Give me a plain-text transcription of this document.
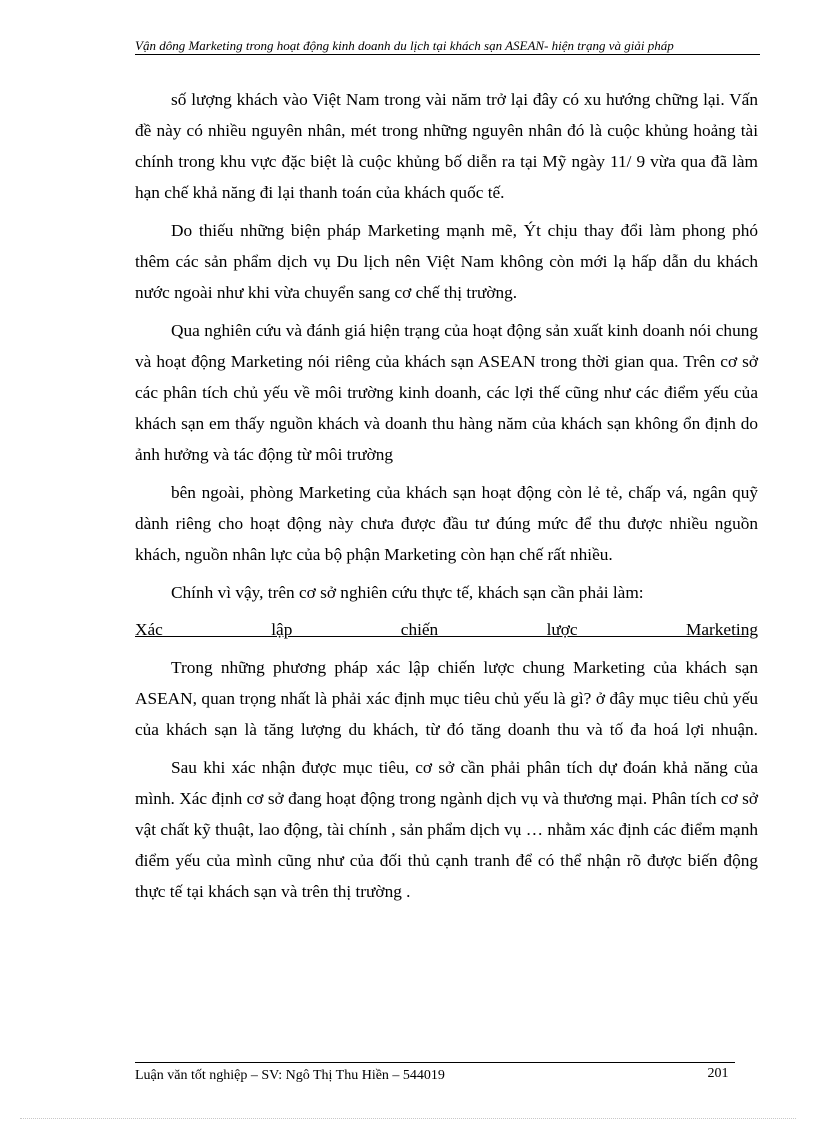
Vận dông Marketing trong hoạt động kinh doanh du lịch tại khách sạn ASEAN- hiện trạng và giải pháp

số lượng khách vào Việt Nam trong vài năm trở lại đây có xu hướng chững lại. Vấn đề này có nhiều nguyên nhân, mét trong những nguyên nhân đó là cuộc khủng hoảng tài chính trong khu vực đặc biệt là cuộc khủng bố diễn ra tại Mỹ ngày 11/ 9 vừa qua đã làm hạn chế khả năng đi lại thanh toán của khách quốc tế.

Do thiếu những biện pháp Marketing mạnh mẽ, Ýt chịu thay đổi làm phong phó thêm các sản phẩm dịch vụ Du lịch nên Việt Nam không còn mới lạ hấp dẫn du khách nước ngoài như khi vừa chuyển sang cơ chế thị trường.

Qua nghiên cứu và đánh giá hiện trạng của hoạt động sản xuất kinh doanh nói chung và hoạt động Marketing nói riêng của khách sạn ASEAN trong thời gian qua. Trên cơ sở các phân tích chủ yếu về môi trường kinh doanh, các lợi thế cũng như các điểm yếu của khách sạn em thấy nguồn khách và doanh thu hàng năm của khách sạn không ổn định do ảnh hưởng và tác động từ môi trường

bên ngoài, phòng Marketing của khách sạn hoạt động còn lẻ tẻ, chấp vá, ngân quỹ dành riêng cho hoạt động này chưa được đầu tư đúng mức để thu được nhiều nguồn khách, nguồn nhân lực của bộ phận Marketing còn hạn chế rất nhiều.

Chính vì vậy, trên cơ sở nghiên cứu thực tế, khách sạn cần phải làm:

Xác lập chiến lược Marketing

Trong những phương pháp xác lập chiến lược chung Marketing của khách sạn ASEAN, quan trọng nhất là phải xác định mục tiêu chủ yếu là gì? ở đây mục tiêu chủ yếu của khách sạn là tăng lượng du khách, từ đó tăng doanh thu và tố đa hoá lợi nhuận.

Sau khi xác nhận được mục tiêu, cơ sở cần phải phân tích dự đoán khả năng của mình. Xác định cơ sở đang hoạt động trong ngành dịch vụ và thương mại. Phân tích cơ sở vật chất kỹ thuật, lao động, tài chính , sản phẩm dịch vụ … nhằm xác định các điểm mạnh điểm yếu của mình cũng như của đối thủ cạnh tranh để có thể nhận rõ được biến động thực tế tại khách sạn và trên thị trường .

Luận văn tốt nghiệp – SV: Ngô Thị Thu Hiền – 544019	201
